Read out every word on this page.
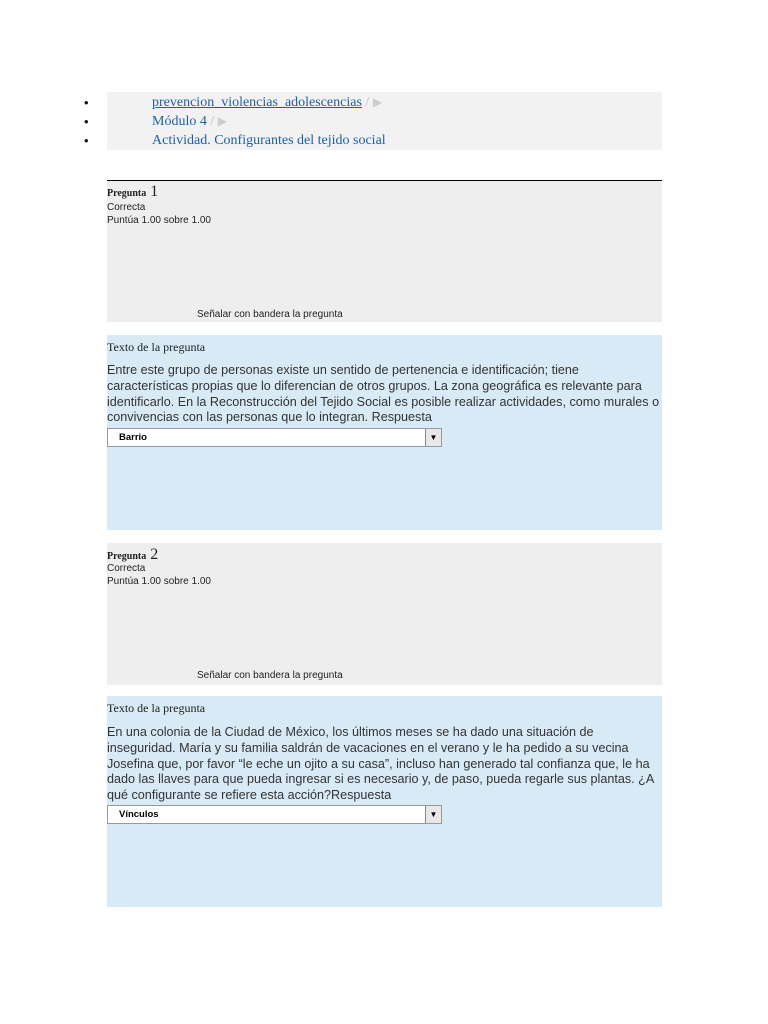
•
•
•
prevencion_violencias_adolescencias / ▶
Módulo 4 / ▶
Actividad. Configurantes del tejido social
Pregunta 1
Correcta
Puntúa 1.00 sobre 1.00
Señalar con bandera la pregunta
Texto de la pregunta
Entre este grupo de personas existe un sentido de pertenencia e identificación; tiene características propias que lo diferencian de otros grupos. La zona geográfica es relevante para identificarlo. En la Reconstrucción del Tejido Social es posible realizar actividades, como murales o convivencias con las personas que lo integran. Respuesta
Barrio	▼
Pregunta 2
Correcta
Puntúa 1.00 sobre 1.00
Señalar con bandera la pregunta
Texto de la pregunta
En una colonia de la Ciudad de México, los últimos meses se ha dado una situación de inseguridad. María y su familia saldrán de vacaciones en el verano y le ha pedido a su vecina Josefina que, por favor “le eche un ojito a su casa”, incluso han generado tal confianza que, le ha dado las llaves para que pueda ingresar si es necesario y, de paso, pueda regarle sus plantas. ¿A qué configurante se refiere esta acción?Respuesta
Vínculos	▼
